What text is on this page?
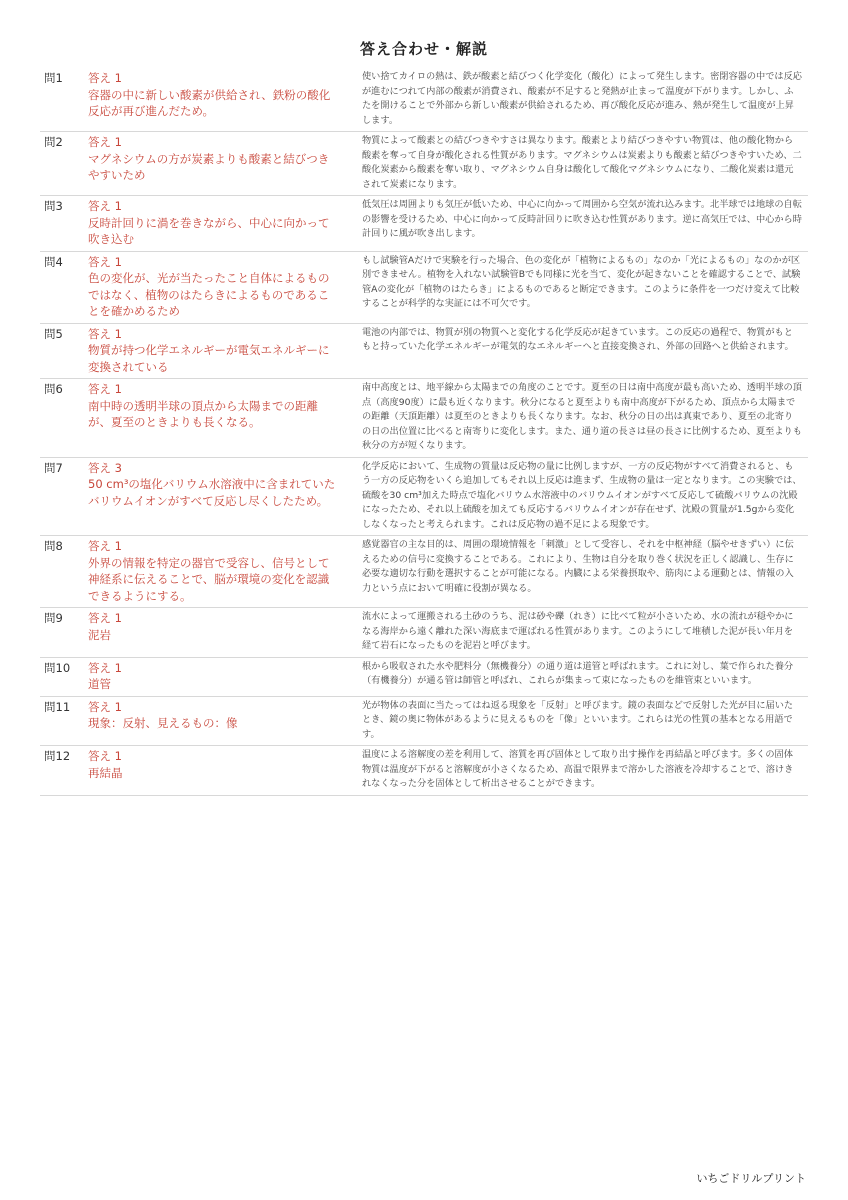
答え合わせ・解説
問1	答え 1
容器の中に新しい酸素が供給され、鉄粉の酸化反応が再び進んだため。
使い捨てカイロの熱は、鉄が酸素と結びつく化学変化（酸化）によって発生します。密閉容器の中では反応が進むにつれて内部の酸素が消費され、酸素が不足すると発熱が止まって温度が下がります。しかし、ふたを開けることで外部から新しい酸素が供給されるため、再び酸化反応が進み、熱が発生して温度が上昇します。
問2	答え 1
マグネシウムの方が炭素よりも酸素と結びつきやすいため
物質によって酸素との結びつきやすさは異なります。酸素とより結びつきやすい物質は、他の酸化物から酸素を奪って自身が酸化される性質があります。マグネシウムは炭素よりも酸素と結びつきやすいため、二酸化炭素から酸素を奪い取り、マグネシウム自身は酸化して酸化マグネシウムになり、二酸化炭素は還元されて炭素になります。
問3	答え 1
反時計回りに渦を巻きながら、中心に向かって吹き込む
低気圧は周囲よりも気圧が低いため、中心に向かって周囲から空気が流れ込みます。北半球では地球の自転の影響を受けるため、中心に向かって反時計回りに吹き込む性質があります。逆に高気圧では、中心から時計回りに風が吹き出します。
問4	答え 1
色の変化が、光が当たったこと自体によるものではなく、植物のはたらきによるものであることを確かめるため
もし試験管Aだけで実験を行った場合、色の変化が「植物によるもの」なのか「光によるもの」なのかが区別できません。植物を入れない試験管Bでも同様に光を当て、変化が起きないことを確認することで、試験管Aの変化が「植物のはたらき」によるものであると断定できます。このように条件を一つだけ変えて比較することが科学的な実証には不可欠です。
問5	答え 1
物質が持つ化学エネルギーが電気エネルギーに変換されている
電池の内部では、物質が別の物質へと変化する化学反応が起きています。この反応の過程で、物質がもともと持っていた化学エネルギーが電気的なエネルギーへと直接変換され、外部の回路へと供給されます。
問6	答え 1
南中時の透明半球の頂点から太陽までの距離が、夏至のときよりも長くなる。
南中高度とは、地平線から太陽までの角度のことです。夏至の日は南中高度が最も高いため、透明半球の頂点（高度90度）に最も近くなります。秋分になると夏至よりも南中高度が下がるため、頂点から太陽までの距離（天頂距離）は夏至のときよりも長くなります。なお、秋分の日の出は真東であり、夏至の北寄りの日の出位置に比べると南寄りに変化します。また、通り道の長さは昼の長さに比例するため、夏至よりも秋分の方が短くなります。
問7	答え 3
50 cm³の塩化バリウム水溶液中に含まれていたバリウムイオンがすべて反応し尽くしたため。
化学反応において、生成物の質量は反応物の量に比例しますが、一方の反応物がすべて消費されると、もう一方の反応物をいくら追加してもそれ以上反応は進まず、生成物の量は一定となります。この実験では、硫酸を30 cm³加えた時点で塩化バリウム水溶液中のバリウムイオンがすべて反応して硫酸バリウムの沈殿になったため、それ以上硫酸を加えても反応するバリウムイオンが存在せず、沈殿の質量が1.5gから変化しなくなったと考えられます。これは反応物の過不足による現象です。
問8	答え 1
外界の情報を特定の器官で受容し、信号として神経系に伝えることで、脳が環境の変化を認識できるようにする。
感覚器官の主な目的は、周囲の環境情報を「刺激」として受容し、それを中枢神経（脳やせきずい）に伝えるための信号に変換することである。これにより、生物は自分を取り巻く状況を正しく認識し、生存に必要な適切な行動を選択することが可能になる。内臓による栄養摂取や、筋肉による運動とは、情報の入力という点において明確に役割が異なる。
問9	答え 1
泥岩
流水によって運搬される土砂のうち、泥は砂や礫（れき）に比べて粒が小さいため、水の流れが穏やかになる海岸から遠く離れた深い海底まで運ばれる性質があります。このようにして堆積した泥が長い年月を経て岩石になったものを泥岩と呼びます。
問10	答え 1
道管
根から吸収された水や肥料分（無機養分）の通り道は道管と呼ばれます。これに対し、葉で作られた養分（有機養分）が通る管は師管と呼ばれ、これらが集まって束になったものを維管束といいます。
問11	答え 1
現象：反射、見えるもの：像
光が物体の表面に当たってはね返る現象を「反射」と呼びます。鏡の表面などで反射した光が目に届いたとき、鏡の奥に物体があるように見えるものを「像」といいます。これらは光の性質の基本となる用語です。
問12	答え 1
再結晶
温度による溶解度の差を利用して、溶質を再び固体として取り出す操作を再結晶と呼びます。多くの固体物質は温度が下がると溶解度が小さくなるため、高温で限界まで溶かした溶液を冷却することで、溶けきれなくなった分を固体として析出させることができます。
いちごドリルプリント
